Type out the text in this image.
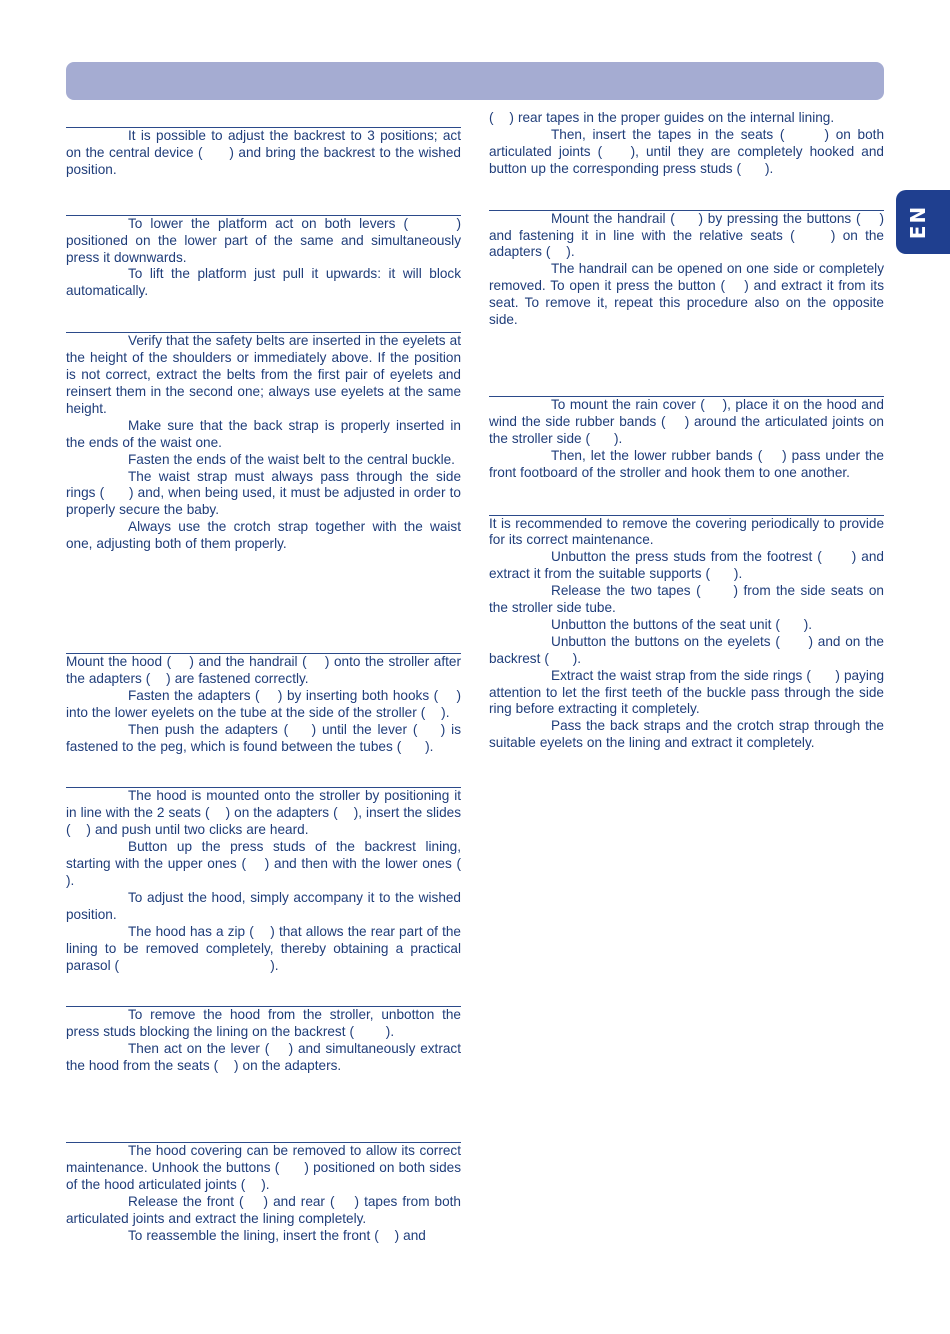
EN

It is possible to adjust the backrest to 3 positions; act on the central device (      ) and bring the backrest to the wished position.

To lower the platform act on both levers (      ) positioned on the lower part of the same and simultaneously press it downwards.

To lift the platform just pull it upwards: it will block automatically.

Verify that the safety belts are inserted in the eyelets at the height of the shoulders or immediately above. If the position is not correct, extract the belts from the first pair of eyelets and reinsert them in the second one; always use eyelets at the same height.

Make sure that the back strap is properly inserted in the ends of the waist one.

Fasten the ends of the waist belt to the central buckle.

The waist strap must always pass through the side rings (      ) and, when being used, it must be adjusted in order to properly secure the baby.

Always use the crotch strap together with the waist one, adjusting both of them properly.

Mount the hood (    ) and the handrail (    ) onto the stroller after the adapters (    ) are fastened correctly.

Fasten the adapters (    ) by inserting both hooks (    ) into the lower eyelets on the tube at the side of the stroller (    ).

Then push the adapters (    ) until the lever (    ) is fastened to the peg, which is found between the tubes (      ).

The hood is mounted onto the stroller by positioning it in line with the 2 seats (    ) on the adapters (    ), insert the slides (    ) and push until two clicks are heard.

Button up the press studs of the backrest lining, starting with the upper ones (    ) and then with the lower ones (    ).

To adjust the hood, simply accompany it to the wished position.

The hood has a zip (    ) that allows the rear part of the lining to be removed completely, thereby obtaining a practical parasol (                                      ).

To remove the hood from the stroller, unbotton the press studs blocking the lining on the backrest (        ).

Then act on the lever (    ) and simultaneously extract the hood from the seats (    ) on the adapters.

The hood covering can be removed to allow its correct maintenance. Unhook the buttons (      ) positioned on both sides of the hood articulated joints (    ).

Release the front (    ) and rear (    ) tapes from both articulated joints and extract the lining completely.

To reassemble the lining, insert the front (    ) and

(    ) rear tapes in the proper guides on the internal lining.

Then, insert the tapes in the seats (      ) on both articulated joints (    ), until they are completely hooked and button up the corresponding press studs (      ).

Mount the handrail (     ) by pressing the buttons (    ) and fastening it in line with the relative seats (     ) on the adapters (    ).

The handrail can be opened on one side or completely removed. To open it press the button (    ) and extract it from its seat. To remove it, repeat this procedure also on the opposite side.

To mount the rain cover (    ), place it on the hood and wind the side rubber bands (    ) around the articulated joints on the stroller side (      ).

Then, let the lower rubber bands (    ) pass under the front footboard of the stroller and hook them to one another.

It is recommended to remove the covering periodically to provide for its correct maintenance.

Unbutton the press studs from the footrest (      ) and extract it from the suitable supports (      ).

Release the two tapes (      ) from the side seats on the stroller side tube.

Unbutton the buttons of the seat unit (      ).

Unbutton the buttons on the eyelets (      ) and on the backrest (      ).

Extract the waist strap from the side rings (      ) paying attention to let the first teeth of the buckle pass through the side ring before extracting it completely.

Pass the back straps and the crotch strap through the suitable eyelets on the lining and extract it completely.
